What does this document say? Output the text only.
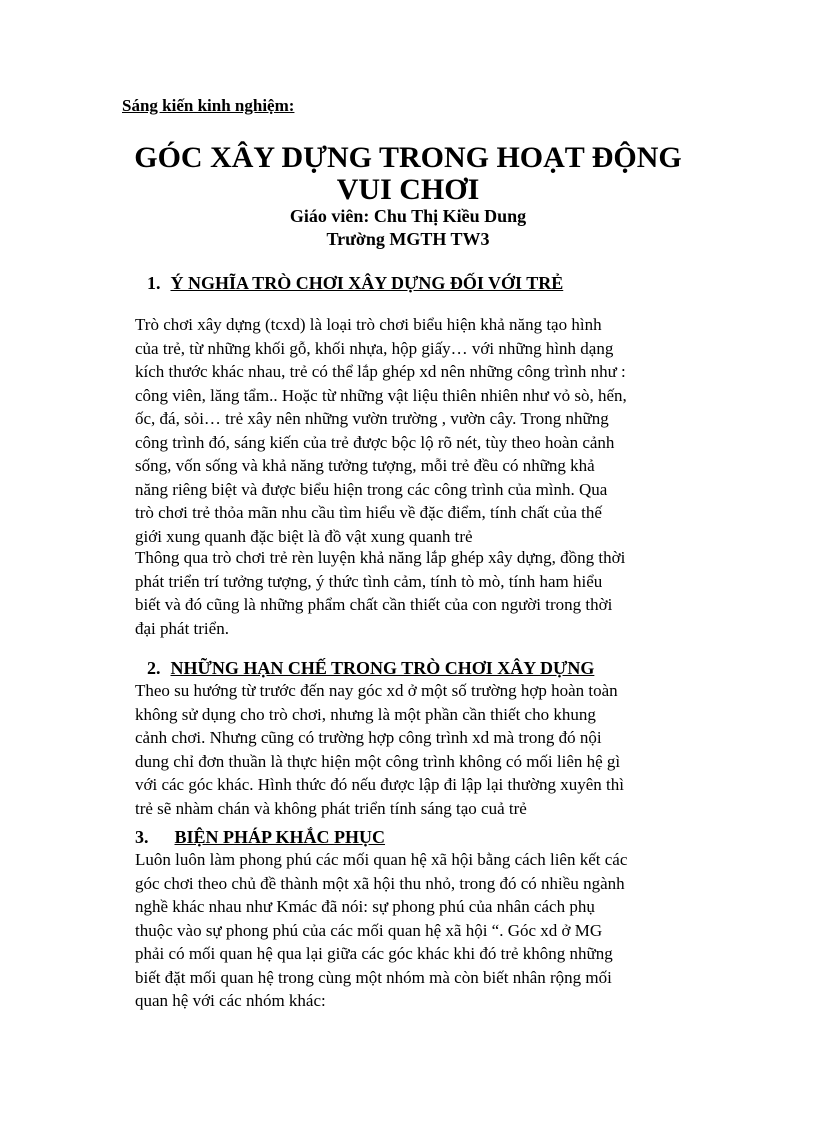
Sáng kiến kinh nghiệm:
GÓC XÂY DỰNG TRONG HOẠT ĐỘNG
VUI CHƠI
Giáo viên: Chu Thị Kiều Dung
Trường MGTH TW3
1. Ý NGHĨA TRÒ CHƠI XÂY DỰNG ĐỐI VỚI TRẺ
Trò chơi xây dựng (tcxd) là loại trò chơi biểu hiện khả năng tạo hình
của trẻ, từ những khối gỗ, khối nhựa, hộp giấy… với những hình dạng
kích thước khác nhau, trẻ có thể lắp ghép xd nên những công trình như :
công viên, lăng tẩm.. Hoặc từ những vật liệu thiên nhiên như vỏ sò, hến,
ốc, đá, sỏi… trẻ xây nên những vườn trường , vườn cây. Trong những
công trình đó, sáng kiến của trẻ được bộc lộ rõ nét, tùy theo hoàn cảnh
sống, vốn sống và khả năng tưởng tượng, mỗi trẻ đều có những khả
năng riêng biệt và được biểu hiện trong các công trình của mình. Qua
trò chơi trẻ thỏa mãn nhu cầu tìm hiểu về đặc điểm, tính chất của thế
giới xung quanh đặc biệt là đồ vật xung quanh trẻ
Thông qua trò chơi trẻ rèn luyện khả năng lắp ghép xây dựng, đồng thời
phát triển trí tưởng tượng, ý thức tình cảm, tính tò mò, tính ham hiểu
biết và đó cũng là những phẩm chất cần thiết của con người trong thời
đại phát triển.
2. NHỮNG HẠN CHẾ TRONG TRÒ CHƠI XÂY DỰNG
Theo su hướng từ trước đến nay góc xd ở một số trường hợp hoàn toàn
không sử dụng cho trò chơi, nhưng là một phần cần thiết cho khung
cảnh chơi. Nhưng cũng có trường hợp công trình xd mà trong đó nội
dung chỉ đơn thuần là thực hiện một công trình không có mối liên hệ gì
với các góc khác. Hình thức đó nếu được lập đi lập lại thường xuyên thì
trẻ sẽ nhàm chán và không phát triển tính sáng tạo cuả trẻ
3. BIỆN PHÁP KHẮC PHỤC
Luôn luôn làm phong phú các mối quan hệ xã hội bằng cách liên kết các
góc chơi theo chủ đề thành một xã hội thu nhỏ, trong đó có nhiều ngành
nghề khác nhau như Kmác đã nói: sự phong phú của nhân cách phụ
thuộc vào sự phong phú của các mối quan hệ xã hội “. Góc xd ở MG
phải có mối quan hệ qua lại giữa các góc khác khi đó trẻ không những
biết đặt mối quan hệ trong cùng một nhóm mà còn biết nhân rộng mối
quan hệ với các nhóm khác:
